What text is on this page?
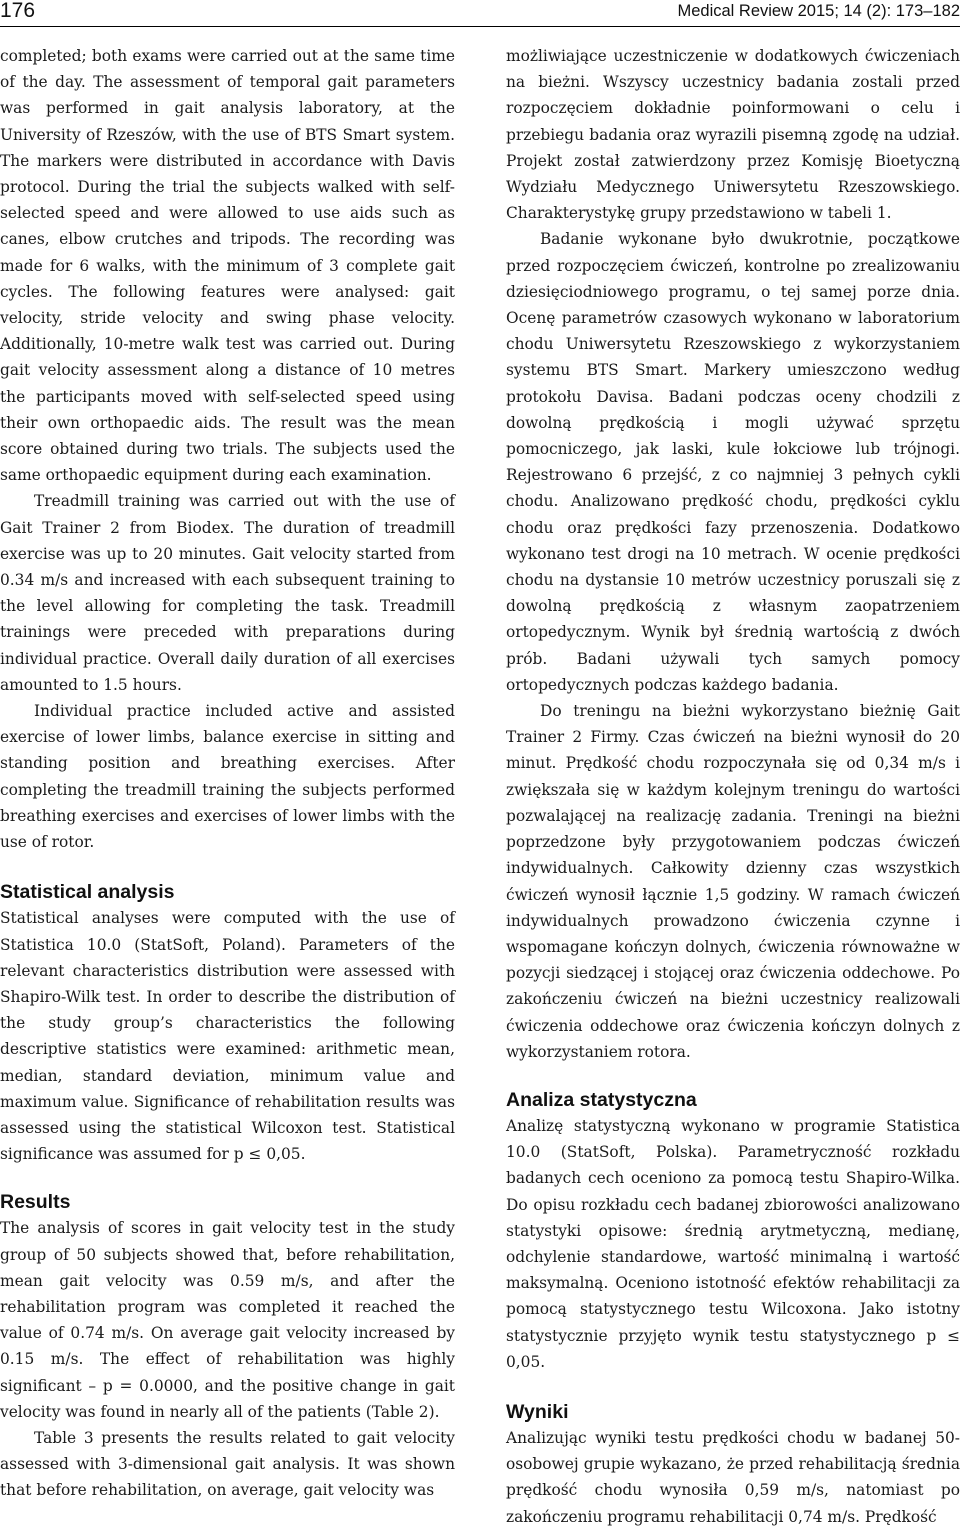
176	Medical Review 2015; 14 (2): 173–182

completed; both exams were carried out at the same time of the day. The assessment of temporal gait parameters was performed in gait analysis laboratory, at the University of Rzeszów, with the use of BTS Smart system. The markers were distributed in accordance with Davis protocol. During the trial the subjects walked with self-selected speed and were allowed to use aids such as canes, elbow crutches and tripods. The recording was made for 6 walks, with the minimum of 3 complete gait cycles. The following features were analysed: gait velocity, stride velocity and swing phase velocity. Additionally, 10-metre walk test was carried out. During gait velocity assessment along a distance of 10 metres the participants moved with self-selected speed using their own orthopaedic aids. The result was the mean score obtained during two trials. The subjects used the same orthopaedic equipment during each examination.

Treadmill training was carried out with the use of Gait Trainer 2 from Biodex. The duration of treadmill exercise was up to 20 minutes. Gait velocity started from 0.34 m/s and increased with each subsequent training to the level allowing for completing the task. Treadmill trainings were preceded with preparations during individual practice. Overall daily duration of all exercises amounted to 1.5 hours.

Individual practice included active and assisted exercise of lower limbs, balance exercise in sitting and standing position and breathing exercises. After completing the treadmill training the subjects performed breathing exercises and exercises of lower limbs with the use of rotor.

Statistical analysis

Statistical analyses were computed with the use of Statistica 10.0 (StatSoft, Poland). Parameters of the relevant characteristics distribution were assessed with Shapiro-Wilk test. In order to describe the distribution of the study group’s characteristics the following descriptive statistics were examined: arithmetic mean, median, standard deviation, minimum value and maximum value. Significance of rehabilitation results was assessed using the statistical Wilcoxon test. Statistical significance was assumed for p ≤ 0,05.

Results

The analysis of scores in gait velocity test in the study group of 50 subjects showed that, before rehabilitation, mean gait velocity was 0.59 m/s, and after the rehabilitation program was completed it reached the value of 0.74 m/s. On average gait velocity increased by 0.15 m/s. The effect of rehabilitation was highly significant – p = 0.0000, and the positive change in gait velocity was found in nearly all of the patients (Table 2).

Table 3 presents the results related to gait velocity assessed with 3-dimensional gait analysis. It was shown that before rehabilitation, on average, gait velocity was

możliwiające uczestniczenie w dodatkowych ćwiczeniach na bieżni. Wszyscy uczestnicy badania zostali przed rozpoczęciem dokładnie poinformowani o celu i przebiegu badania oraz wyrazili pisemną zgodę na udział. Projekt został zatwierdzony przez Komisję Bioetyczną Wydziału Medycznego Uniwersytetu Rzeszowskiego. Charakterystykę grupy przedstawiono w tabeli 1.

Badanie wykonane było dwukrotnie, początkowe przed rozpoczęciem ćwiczeń, kontrolne po zrealizowaniu dziesięciodniowego programu, o tej samej porze dnia. Ocenę parametrów czasowych wykonano w laboratorium chodu Uniwersytetu Rzeszowskiego z wykorzystaniem systemu BTS Smart. Markery umieszczono według protokołu Davisa. Badani podczas oceny chodzili z dowolną prędkością i mogli używać sprzętu pomocniczego, jak laski, kule łokciowe lub trójnogi. Rejestrowano 6 przejść, z co najmniej 3 pełnych cykli chodu. Analizowano prędkość chodu, prędkości cyklu chodu oraz prędkości fazy przenoszenia. Dodatkowo wykonano test drogi na 10 metrach. W ocenie prędkości chodu na dystansie 10 metrów uczestnicy poruszali się z dowolną prędkością z własnym zaopatrzeniem ortopedycznym. Wynik był średnią wartością z dwóch prób. Badani używali tych samych pomocy ortopedycznych podczas każdego badania.

Do treningu na bieżni wykorzystano bieżnię Gait Trainer 2 Firmy. Czas ćwiczeń na bieżni wynosił do 20 minut. Prędkość chodu rozpoczynała się od 0,34 m/s i zwiększała się w każdym kolejnym treningu do wartości pozwalającej na realizację zadania. Treningi na bieżni poprzedzone były przygotowaniem podczas ćwiczeń indywidualnych. Całkowity dzienny czas wszystkich ćwiczeń wynosił łącznie 1,5 godziny. W ramach ćwiczeń indywidualnych prowadzono ćwiczenia czynne i wspomagane kończyn dolnych, ćwiczenia równoważne w pozycji siedzącej i stojącej oraz ćwiczenia oddechowe. Po zakończeniu ćwiczeń na bieżni uczestnicy realizowali ćwiczenia oddechowe oraz ćwiczenia kończyn dolnych z wykorzystaniem rotora.

Analiza statystyczna

Analizę statystyczną wykonano w programie Statistica 10.0 (StatSoft, Polska). Parametryczność rozkładu badanych cech oceniono za pomocą testu Shapiro-Wilka. Do opisu rozkładu cech badanej zbiorowości analizowano statystyki opisowe: średnią arytmetyczną, medianę, odchylenie standardowe, wartość minimalną i wartość maksymalną. Oceniono istotność efektów rehabilitacji za pomocą statystycznego testu Wilcoxona. Jako istotny statystycznie przyjęto wynik testu statystycznego p ≤ 0,05.

Wyniki

Analizując wyniki testu prędkości chodu w badanej 50-osobowej grupie wykazano, że przed rehabilitacją średnia prędkość chodu wynosiła 0,59 m/s, natomiast po zakończeniu programu rehabilitacji 0,74 m/s. Prędkość
